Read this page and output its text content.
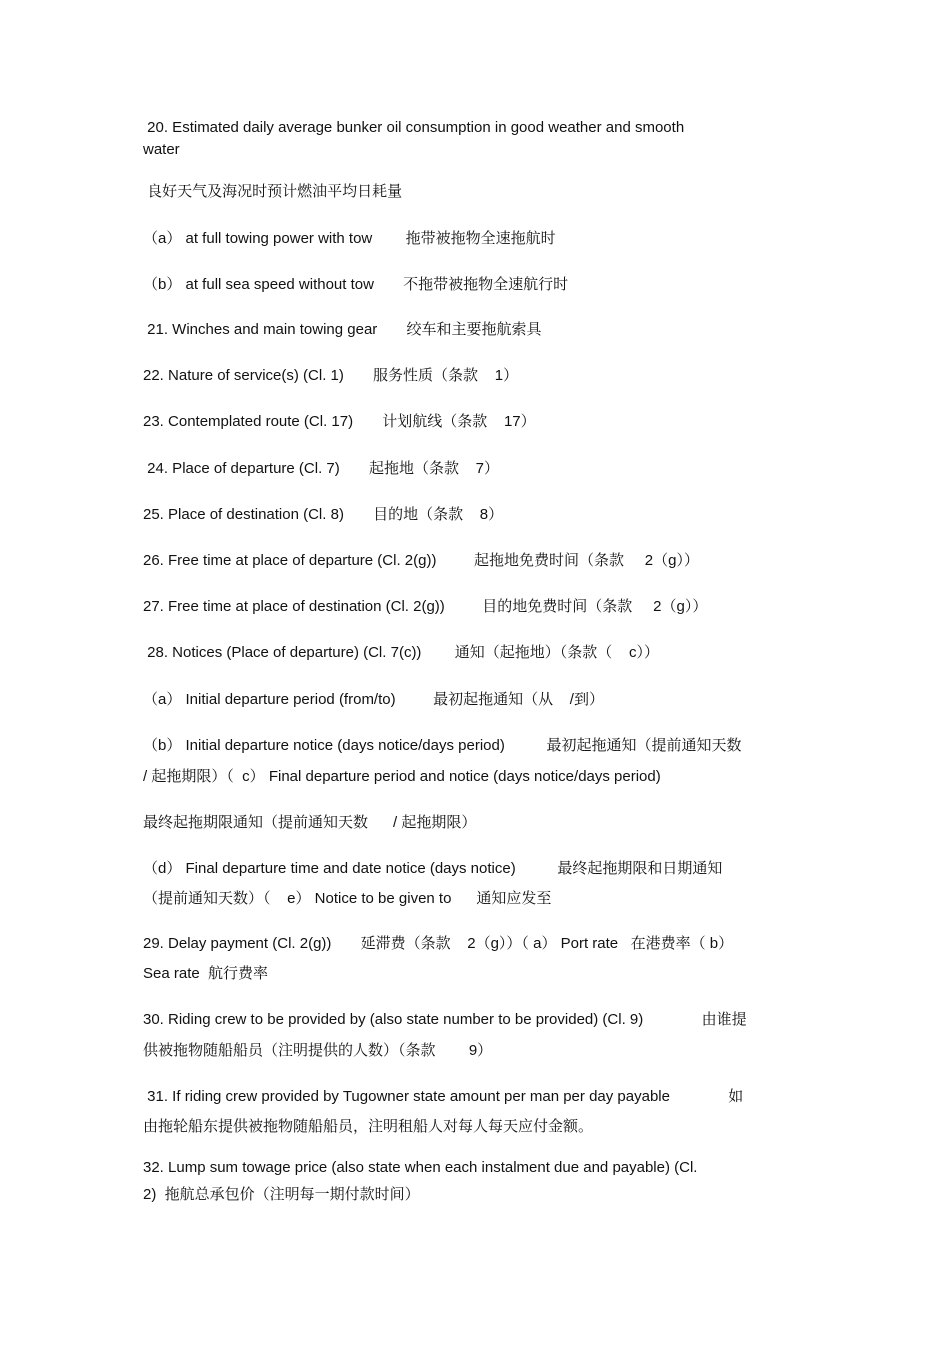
20. Estimated daily average bunker oil consumption in good weather and smooth
water
良好天气及海况时预计燃油平均日耗量
（a） at full towing power with tow        拖带被拖物全速拖航时
（b） at full sea speed without tow       不拖带被拖物全速航行时
21. Winches and main towing gear       绞车和主要拖航索具
22. Nature of service(s) (Cl. 1)       服务性质（条款    1）
23. Contemplated route (Cl. 17)       计划航线（条款    17）
24. Place of departure (Cl. 7)       起拖地（条款    7）
25. Place of destination (Cl. 8)       目的地（条款    8）
26. Free time at place of departure (Cl. 2(g))         起拖地免费时间（条款     2（g））
27. Free time at place of destination (Cl. 2(g))         目的地免费时间（条款     2（g））
28. Notices (Place of departure) (Cl. 7(c))        通知（起拖地）（条款（    c））
（a） Initial departure period (from/to)         最初起拖通知（从    /到）
（b） Initial departure notice (days notice/days period)          最初起拖通知（提前通知天数
/ 起拖期限）（  c） Final departure period and notice (days notice/days period)
最终起拖期限通知（提前通知天数      / 起拖期限）
（d） Final departure time and date notice (days notice)          最终起拖期限和日期通知
（提前通知天数）（    e） Notice to be given to      通知应发至
29. Delay payment (Cl. 2(g))       延滞费（条款    2（g））（ a） Port rate   在港费率（ b）
Sea rate  航行费率
30. Riding crew to be provided by (also state number to be provided) (Cl. 9)              由谁提
供被拖物随船船员（注明提供的人数）（条款        9）
31. If riding crew provided by Tugowner state amount per man per day payable              如
由拖轮船东提供被拖物随船船员，注明租船人对每人每天应付金额。
32. Lump sum towage price (also state when each instalment due and payable) (Cl.
2)  拖航总承包价（注明每一期付款时间）
